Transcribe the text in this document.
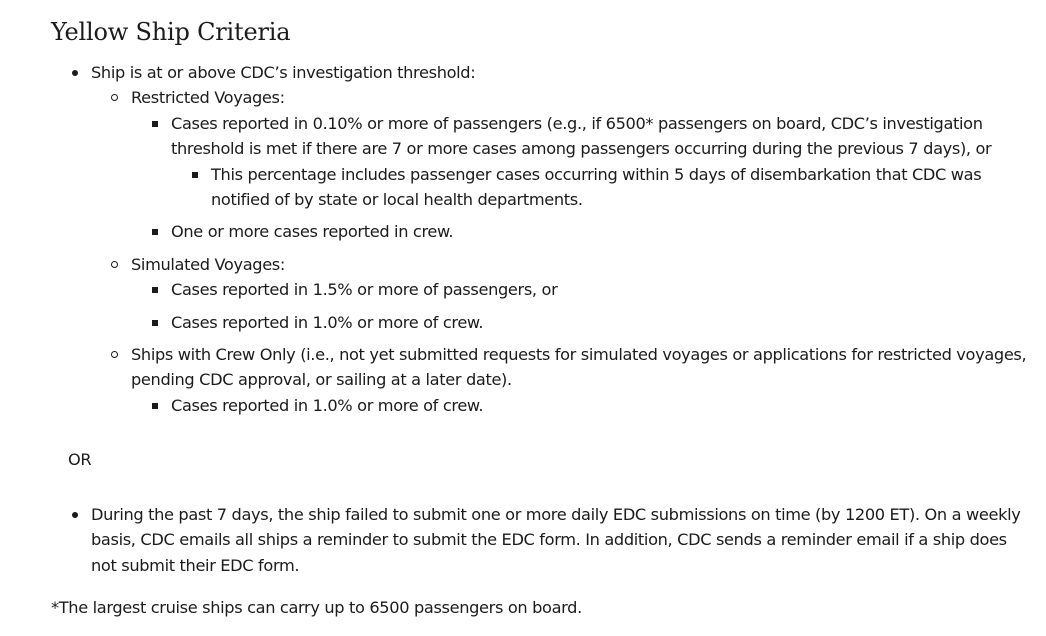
Yellow Ship Criteria
Ship is at or above CDC’s investigation threshold:
Restricted Voyages:
Cases reported in 0.10% or more of passengers (e.g., if 6500* passengers on board, CDC’s investigation
threshold is met if there are 7 or more cases among passengers occurring during the previous 7 days), or
This percentage includes passenger cases occurring within 5 days of disembarkation that CDC was
notified of by state or local health departments.
One or more cases reported in crew.
Simulated Voyages:
Cases reported in 1.5% or more of passengers, or
Cases reported in 1.0% or more of crew.
Ships with Crew Only (i.e., not yet submitted requests for simulated voyages or applications for restricted voyages,
pending CDC approval, or sailing at a later date).
Cases reported in 1.0% or more of crew.
OR
During the past 7 days, the ship failed to submit one or more daily EDC submissions on time (by 1200 ET). On a weekly
basis, CDC emails all ships a reminder to submit the EDC form. In addition, CDC sends a reminder email if a ship does
not submit their EDC form.
*The largest cruise ships can carry up to 6500 passengers on board.
